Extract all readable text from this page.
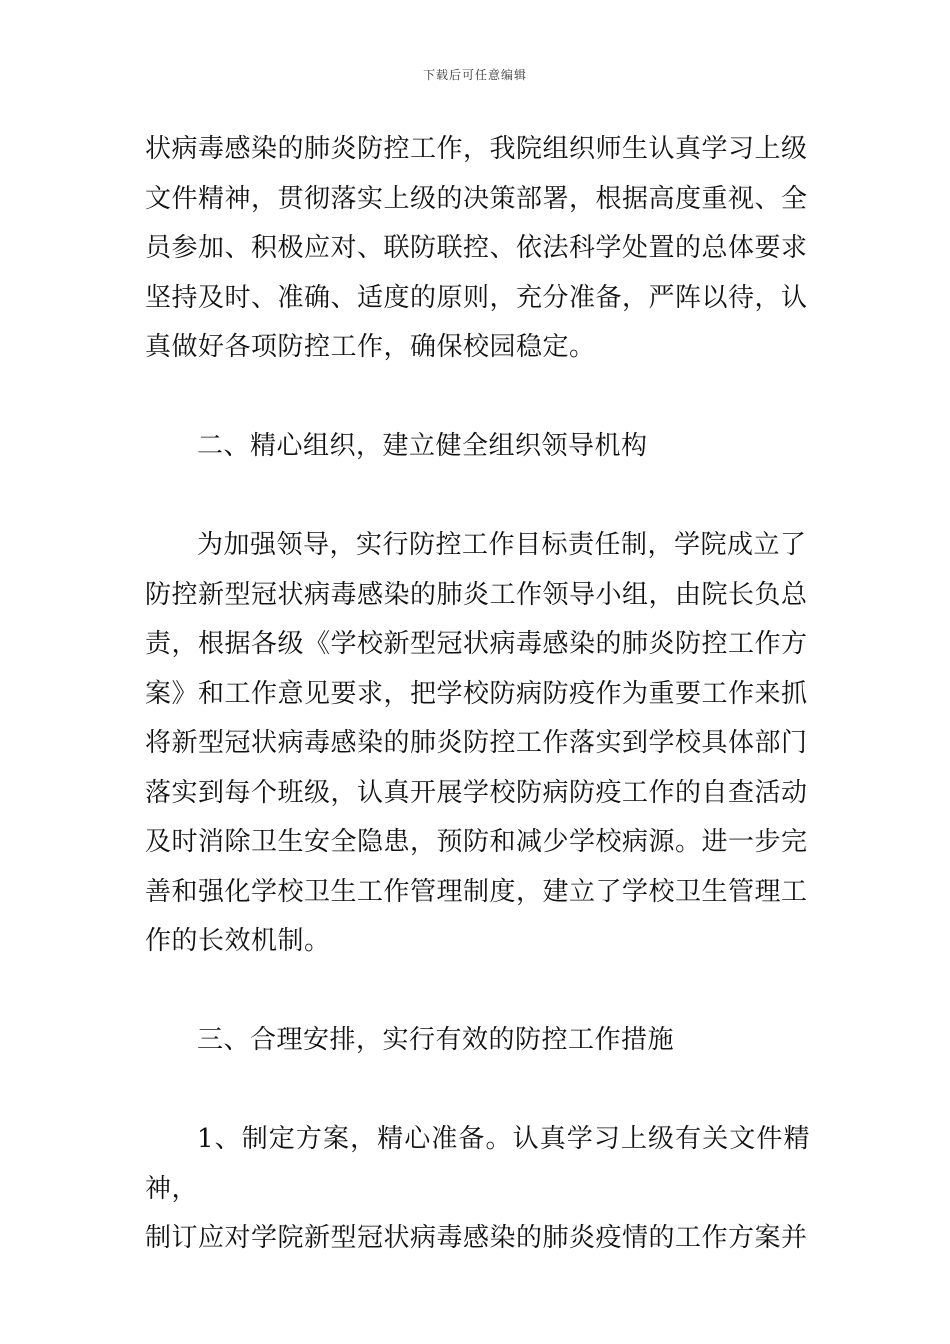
下载后可任意编辑
状病毒感染的肺炎防控工作，我院组织师生认真学习上级
文件精神，贯彻落实上级的决策部署，根据高度重视、全
员参加、积极应对、联防联控、依法科学处置的总体要求
坚持及时、准确、适度的原则，充分准备，严阵以待，认
真做好各项防控工作，确保校园稳定。
二、精心组织，建立健全组织领导机构
为加强领导，实行防控工作目标责任制，学院成立了
防控新型冠状病毒感染的肺炎工作领导小组，由院长负总
责，根据各级《学校新型冠状病毒感染的肺炎防控工作方
案》和工作意见要求，把学校防病防疫作为重要工作来抓
将新型冠状病毒感染的肺炎防控工作落实到学校具体部门
落实到每个班级，认真开展学校防病防疫工作的自查活动
及时消除卫生安全隐患，预防和减少学校病源。进一步完
善和强化学校卫生工作管理制度，建立了学校卫生管理工
作的长效机制。
三、合理安排，实行有效的防控工作措施
1、制定方案，精心准备。认真学习上级有关文件精神，
制订应对学院新型冠状病毒感染的肺炎疫情的工作方案并
